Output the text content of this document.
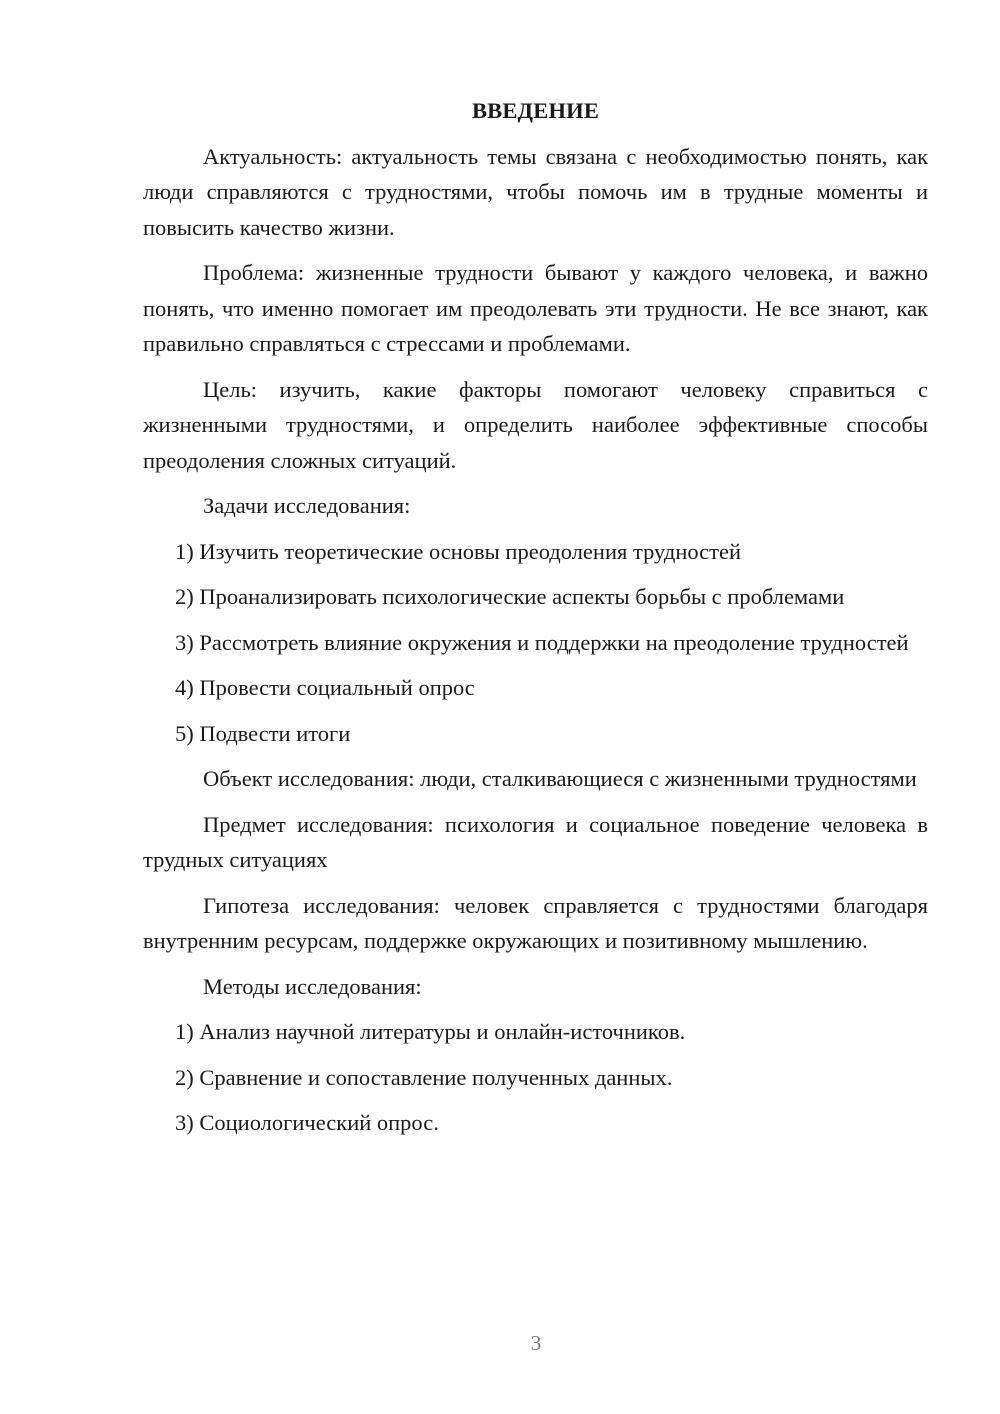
ВВЕДЕНИЕ

Актуальность: актуальность темы связана с необходимостью понять, как люди справляются с трудностями, чтобы помочь им в трудные моменты и повысить качество жизни.

Проблема: жизненные трудности бывают у каждого человека, и важно понять, что именно помогает им преодолевать эти трудности. Не все знают, как правильно справляться с стрессами и проблемами.

Цель: изучить, какие факторы помогают человеку справиться с жизненными трудностями, и определить наиболее эффективные способы преодоления сложных ситуаций.

Задачи исследования:

1) Изучить теоретические основы преодоления трудностей

2) Проанализировать психологические аспекты борьбы с проблемами

3) Рассмотреть влияние окружения и поддержки на преодоление трудностей

4) Провести социальный опрос

5) Подвести итоги

Объект исследования: люди, сталкивающиеся с жизненными трудностями

Предмет исследования: психология и социальное поведение человека в трудных ситуациях

Гипотеза исследования: человек справляется с трудностями благодаря внутренним ресурсам, поддержке окружающих и позитивному мышлению.

Методы исследования:

1) Анализ научной литературы и онлайн-источников.

2) Сравнение и сопоставление полученных данных.

3) Социологический опрос.

3
